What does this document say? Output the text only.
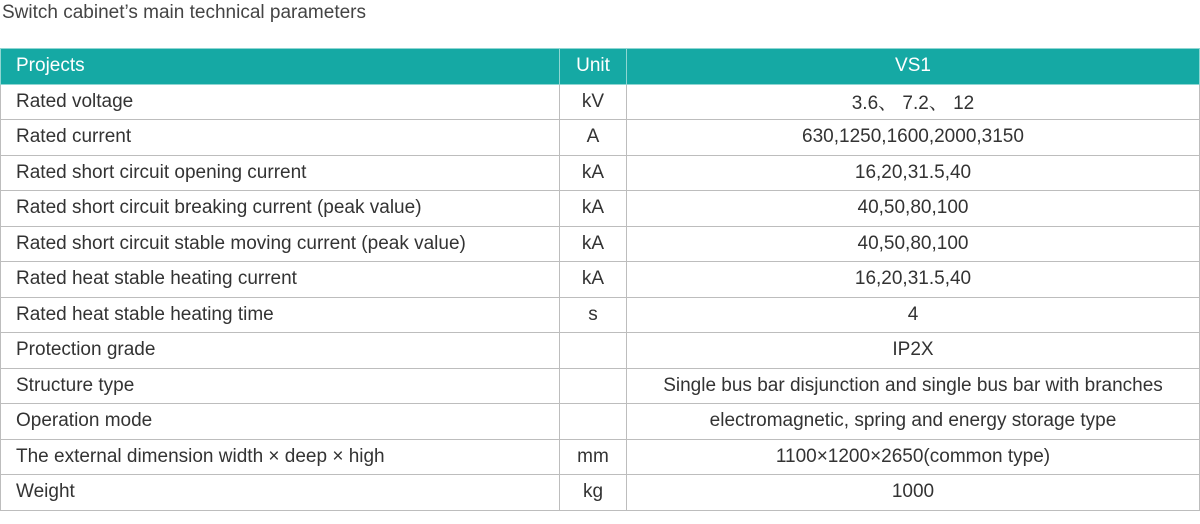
Switch cabinet’s main technical parameters
Projects	Unit	VS1
Rated voltage	kV	3.6、 7.2、 12
Rated current	A	630,1250,1600,2000,3150
Rated short circuit opening current	kA	16,20,31.5,40
Rated short circuit breaking current (peak value)	kA	40,50,80,100
Rated short circuit stable moving current (peak value)	kA	40,50,80,100
Rated heat stable heating current	kA	16,20,31.5,40
Rated heat stable heating time	s	4
Protection grade		IP2X
Structure type		Single bus bar disjunction and single bus bar with branches
Operation mode		electromagnetic, spring and energy storage type
The external dimension width × deep × high	mm	1100×1200×2650(common type)
Weight	kg	1000
